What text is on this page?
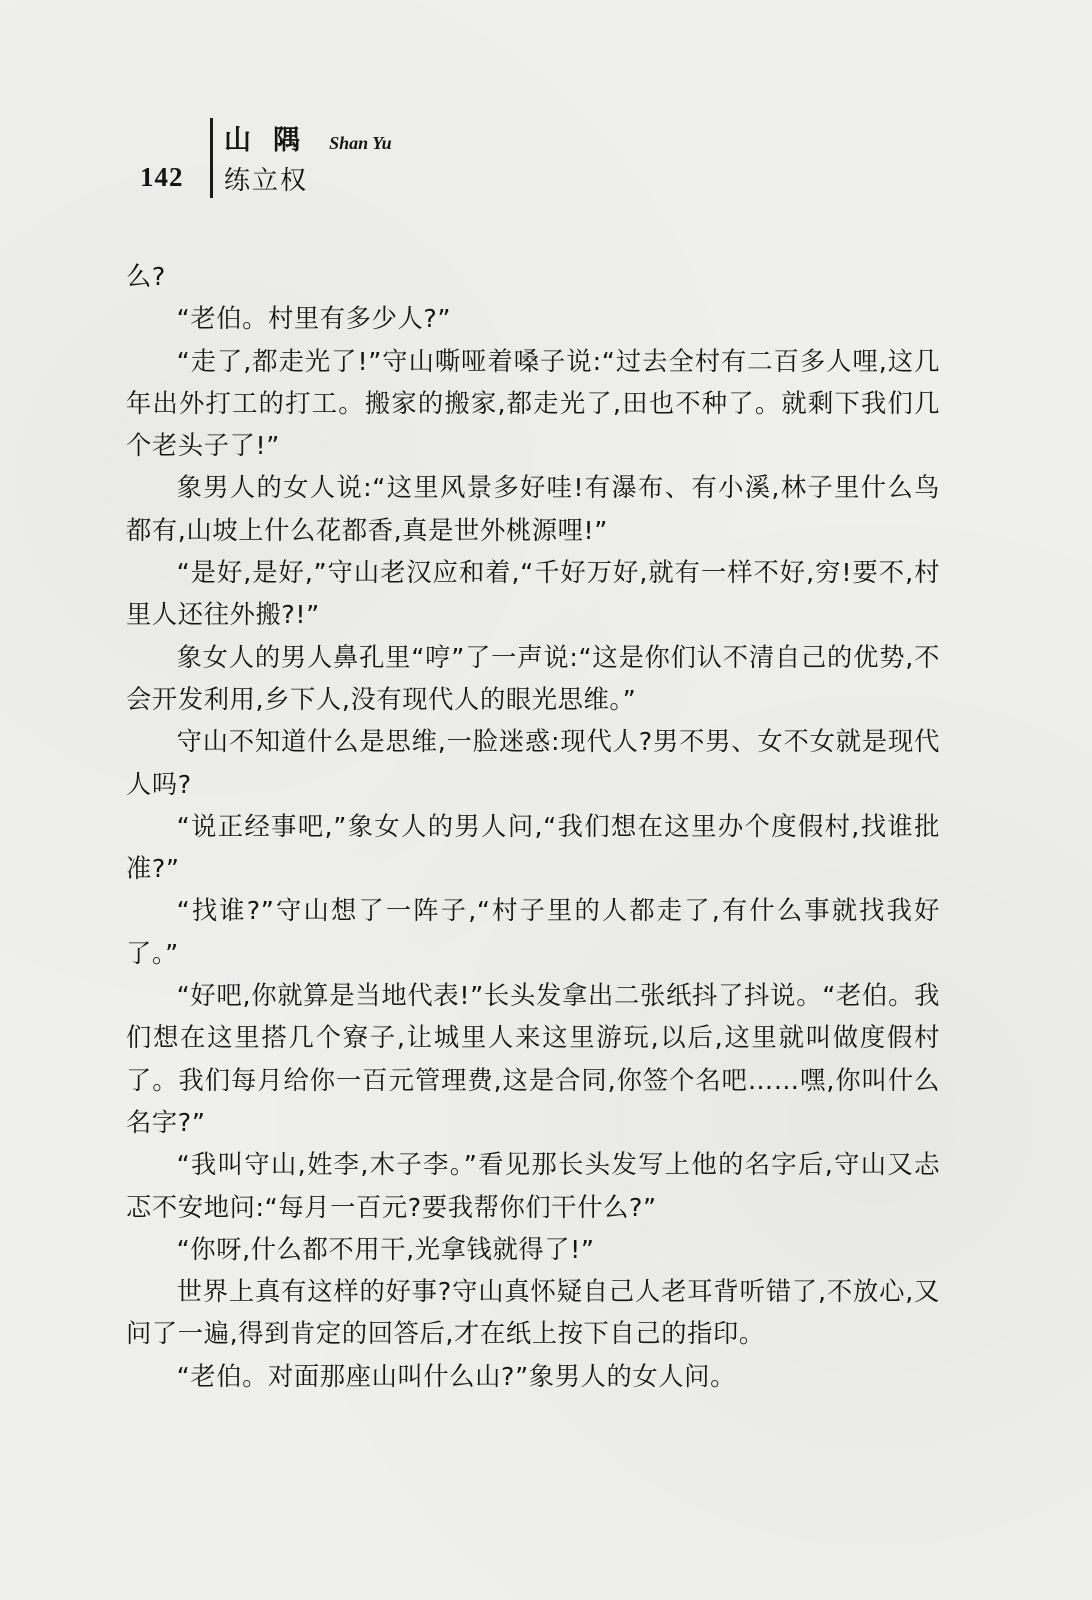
142
山隅 Shan Yu
练立权

么?

“老伯。村里有多少人?”

“走了,都走光了!”守山嘶哑着嗓子说:“过去全村有二百多人哩,这几年出外打工的打工。搬家的搬家,都走光了,田也不种了。就剩下我们几个老头子了!”

象男人的女人说:“这里风景多好哇!有瀑布、有小溪,林子里什么鸟都有,山坡上什么花都香,真是世外桃源哩!”

“是好,是好,”守山老汉应和着,“千好万好,就有一样不好,穷!要不,村里人还往外搬?!”

象女人的男人鼻孔里“哼”了一声说:“这是你们认不清自己的优势,不会开发利用,乡下人,没有现代人的眼光思维。”

守山不知道什么是思维,一脸迷惑:现代人?男不男、女不女就是现代人吗?

“说正经事吧,”象女人的男人问,“我们想在这里办个度假村,找谁批准?”

“找谁?”守山想了一阵子,“村子里的人都走了,有什么事就找我好了。”

“好吧,你就算是当地代表!”长头发拿出二张纸抖了抖说。“老伯。我们想在这里搭几个寮子,让城里人来这里游玩,以后,这里就叫做度假村了。我们每月给你一百元管理费,这是合同,你签个名吧……嘿,你叫什么名字?”

“我叫守山,姓李,木子李。”看见那长头发写上他的名字后,守山又忐忑不安地问:“每月一百元?要我帮你们干什么?”

“你呀,什么都不用干,光拿钱就得了!”

世界上真有这样的好事?守山真怀疑自己人老耳背听错了,不放心,又问了一遍,得到肯定的回答后,才在纸上按下自己的指印。

“老伯。对面那座山叫什么山?”象男人的女人问。
